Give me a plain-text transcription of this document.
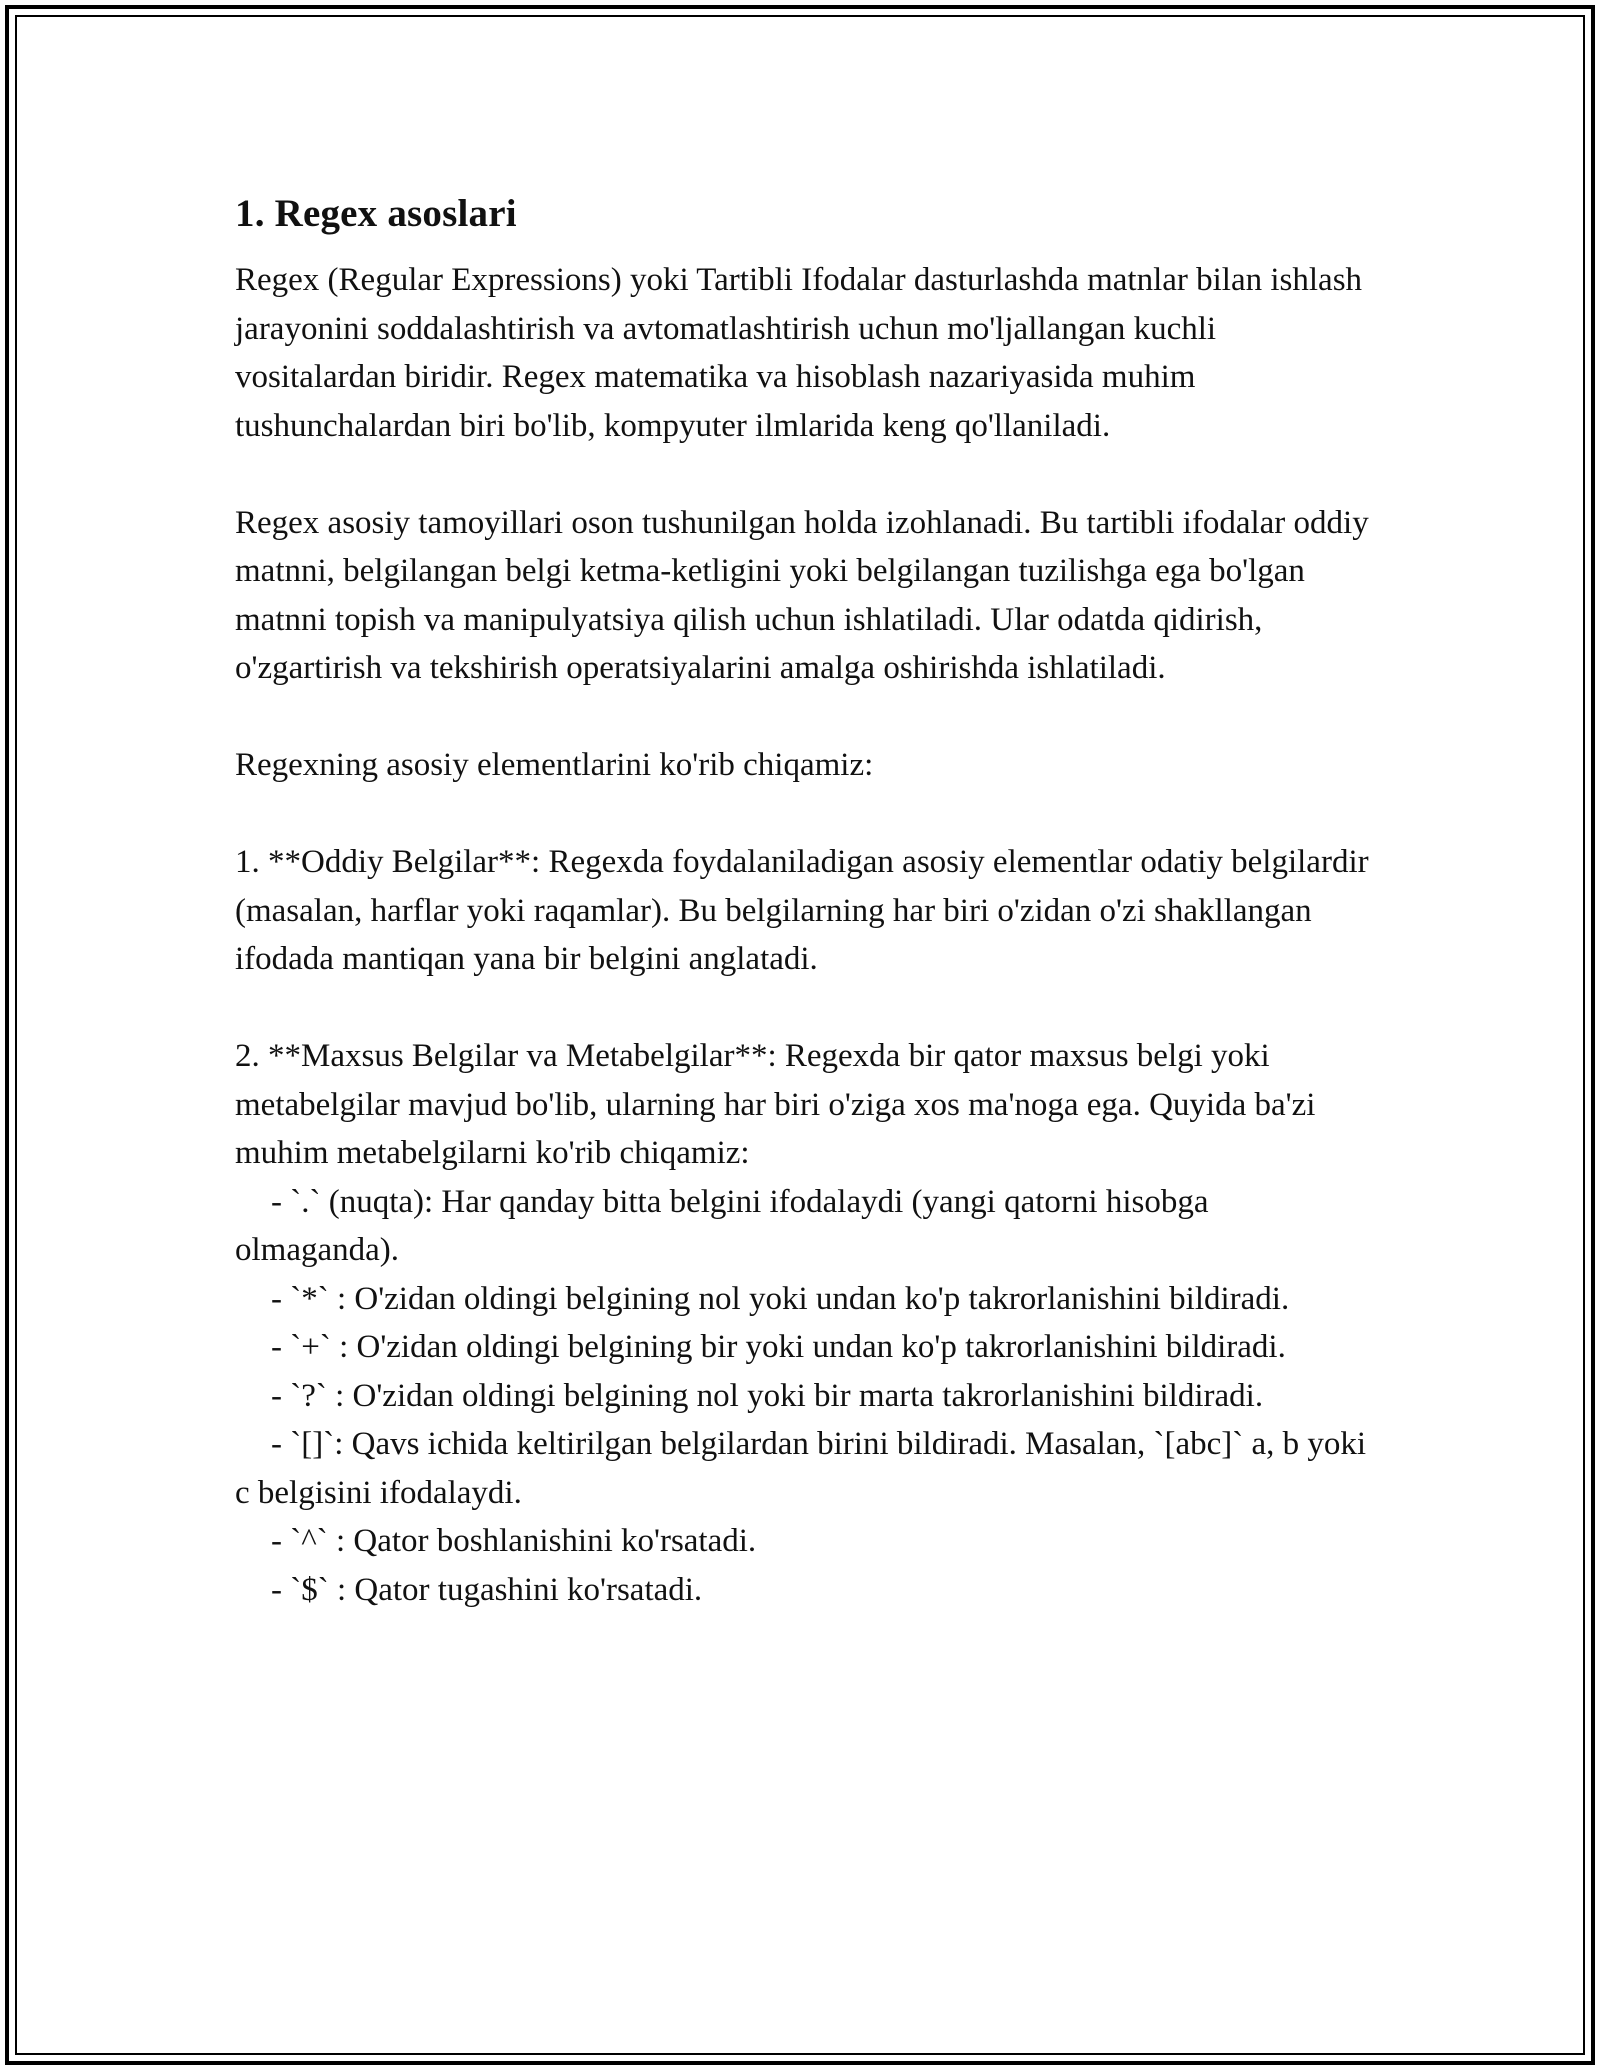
1. Regex asoslari

Regex (Regular Expressions) yoki Tartibli Ifodalar dasturlashda matnlar bilan ishlash jarayonini soddalashtirish va avtomatlashtirish uchun mo'ljallangan kuchli vositalardan biridir. Regex matematika va hisoblash nazariyasida muhim tushunchalardan biri bo'lib, kompyuter ilmlarida keng qo'llaniladi.

Regex asosiy tamoyillari oson tushunilgan holda izohlanadi. Bu tartibli ifodalar oddiy matnni, belgilangan belgi ketma-ketligini yoki belgilangan tuzilishga ega bo'lgan matnni topish va manipulyatsiya qilish uchun ishlatiladi. Ular odatda qidirish, o'zgartirish va tekshirish operatsiyalarini amalga oshirishda ishlatiladi.

Regexning asosiy elementlarini ko'rib chiqamiz:

1. **Oddiy Belgilar**: Regexda foydalaniladigan asosiy elementlar odatiy belgilardir (masalan, harflar yoki raqamlar). Bu belgilarning har biri o'zidan o'zi shakllangan ifodada mantiqan yana bir belgini anglatadi.

2. **Maxsus Belgilar va Metabelgilar**: Regexda bir qator maxsus belgi yoki metabelgilar mavjud bo'lib, ularning har biri o'ziga xos ma'noga ega. Quyida ba'zi muhim metabelgilarni ko'rib chiqamiz:

- `.` (nuqta): Har qanday bitta belgini ifodalaydi (yangi qatorni hisobga olmaganda).

- `*` : O'zidan oldingi belgining nol yoki undan ko'p takrorlanishini bildiradi.

- `+` : O'zidan oldingi belgining bir yoki undan ko'p takrorlanishini bildiradi.

- `?` : O'zidan oldingi belgining nol yoki bir marta takrorlanishini bildiradi.

- `[]`: Qavs ichida keltirilgan belgilardan birini bildiradi. Masalan, `[abc]` a, b yoki c belgisini ifodalaydi.

- `^` : Qator boshlanishini ko'rsatadi.

- `$` : Qator tugashini ko'rsatadi.
